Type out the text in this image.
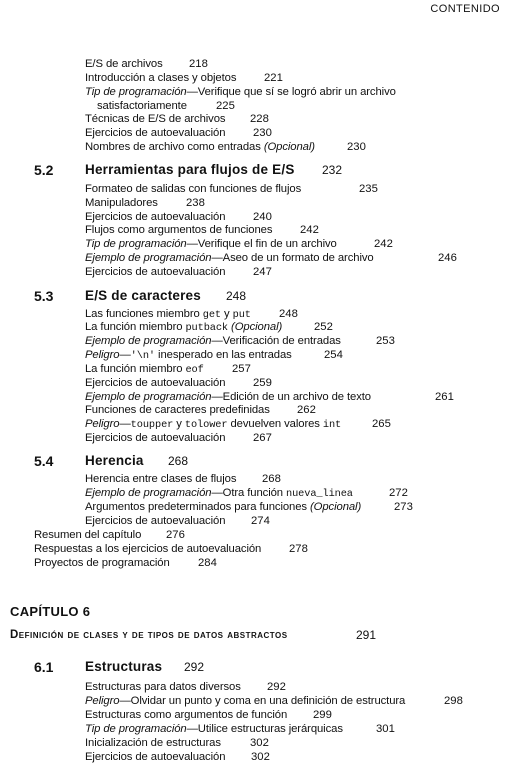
CONTENIDO
E/S de archivos 218
Introducción a clases y objetos 221
Tip de programación—Verifique que sí se logró abrir un archivo
satisfactoriamente	225
Técnicas de E/S de archivos 228
Ejercicios de autoevaluación 230
Nombres de archivo como entradas (Opcional)	230
5.2 Herramientas para flujos de E/S 232
Formateo de salidas con funciones de flujos	235
Manipuladores 238
Ejercicios de autoevaluación 240
Flujos como argumentos de funciones 242
Tip de programación—Verifique el fin de un archivo	242
Ejemplo de programación—Aseo de un formato de archivo	246
Ejercicios de autoevaluación 247
5.3 E/S de caracteres 248
Las funciones miembro get y put 248
La función miembro putback (Opcional)	252
Ejemplo de programación—Verificación de entradas	253
Peligro—'\n' inesperado en las entradas	254
La función miembro eof	257
Ejercicios de autoevaluación 259
Ejemplo de programación—Edición de un archivo de texto	261
Funciones de caracteres predefinidas 262
Peligro—toupper y tolower devuelven valores int	265
Ejercicios de autoevaluación 267
5.4 Herencia 268
Herencia entre clases de flujos 268
Ejemplo de programación—Otra función nueva_linea	272
Argumentos predeterminados para funciones (Opcional)	273
Ejercicios de autoevaluación 274
Resumen del capítulo 276
Respuestas a los ejercicios de autoevaluación 278
Proyectos de programación	284
CAPÍTULO 6
Definición de clases y de tipos de datos abstractos	291
6.1 Estructuras 292
Estructuras para datos diversos 292
Peligro—Olvidar un punto y coma en una definición de estructura	298
Estructuras como argumentos de función 299
Tip de programación—Utilice estructuras jerárquicas	301
Inicialización de estructuras	302
Ejercicios de autoevaluación 302
